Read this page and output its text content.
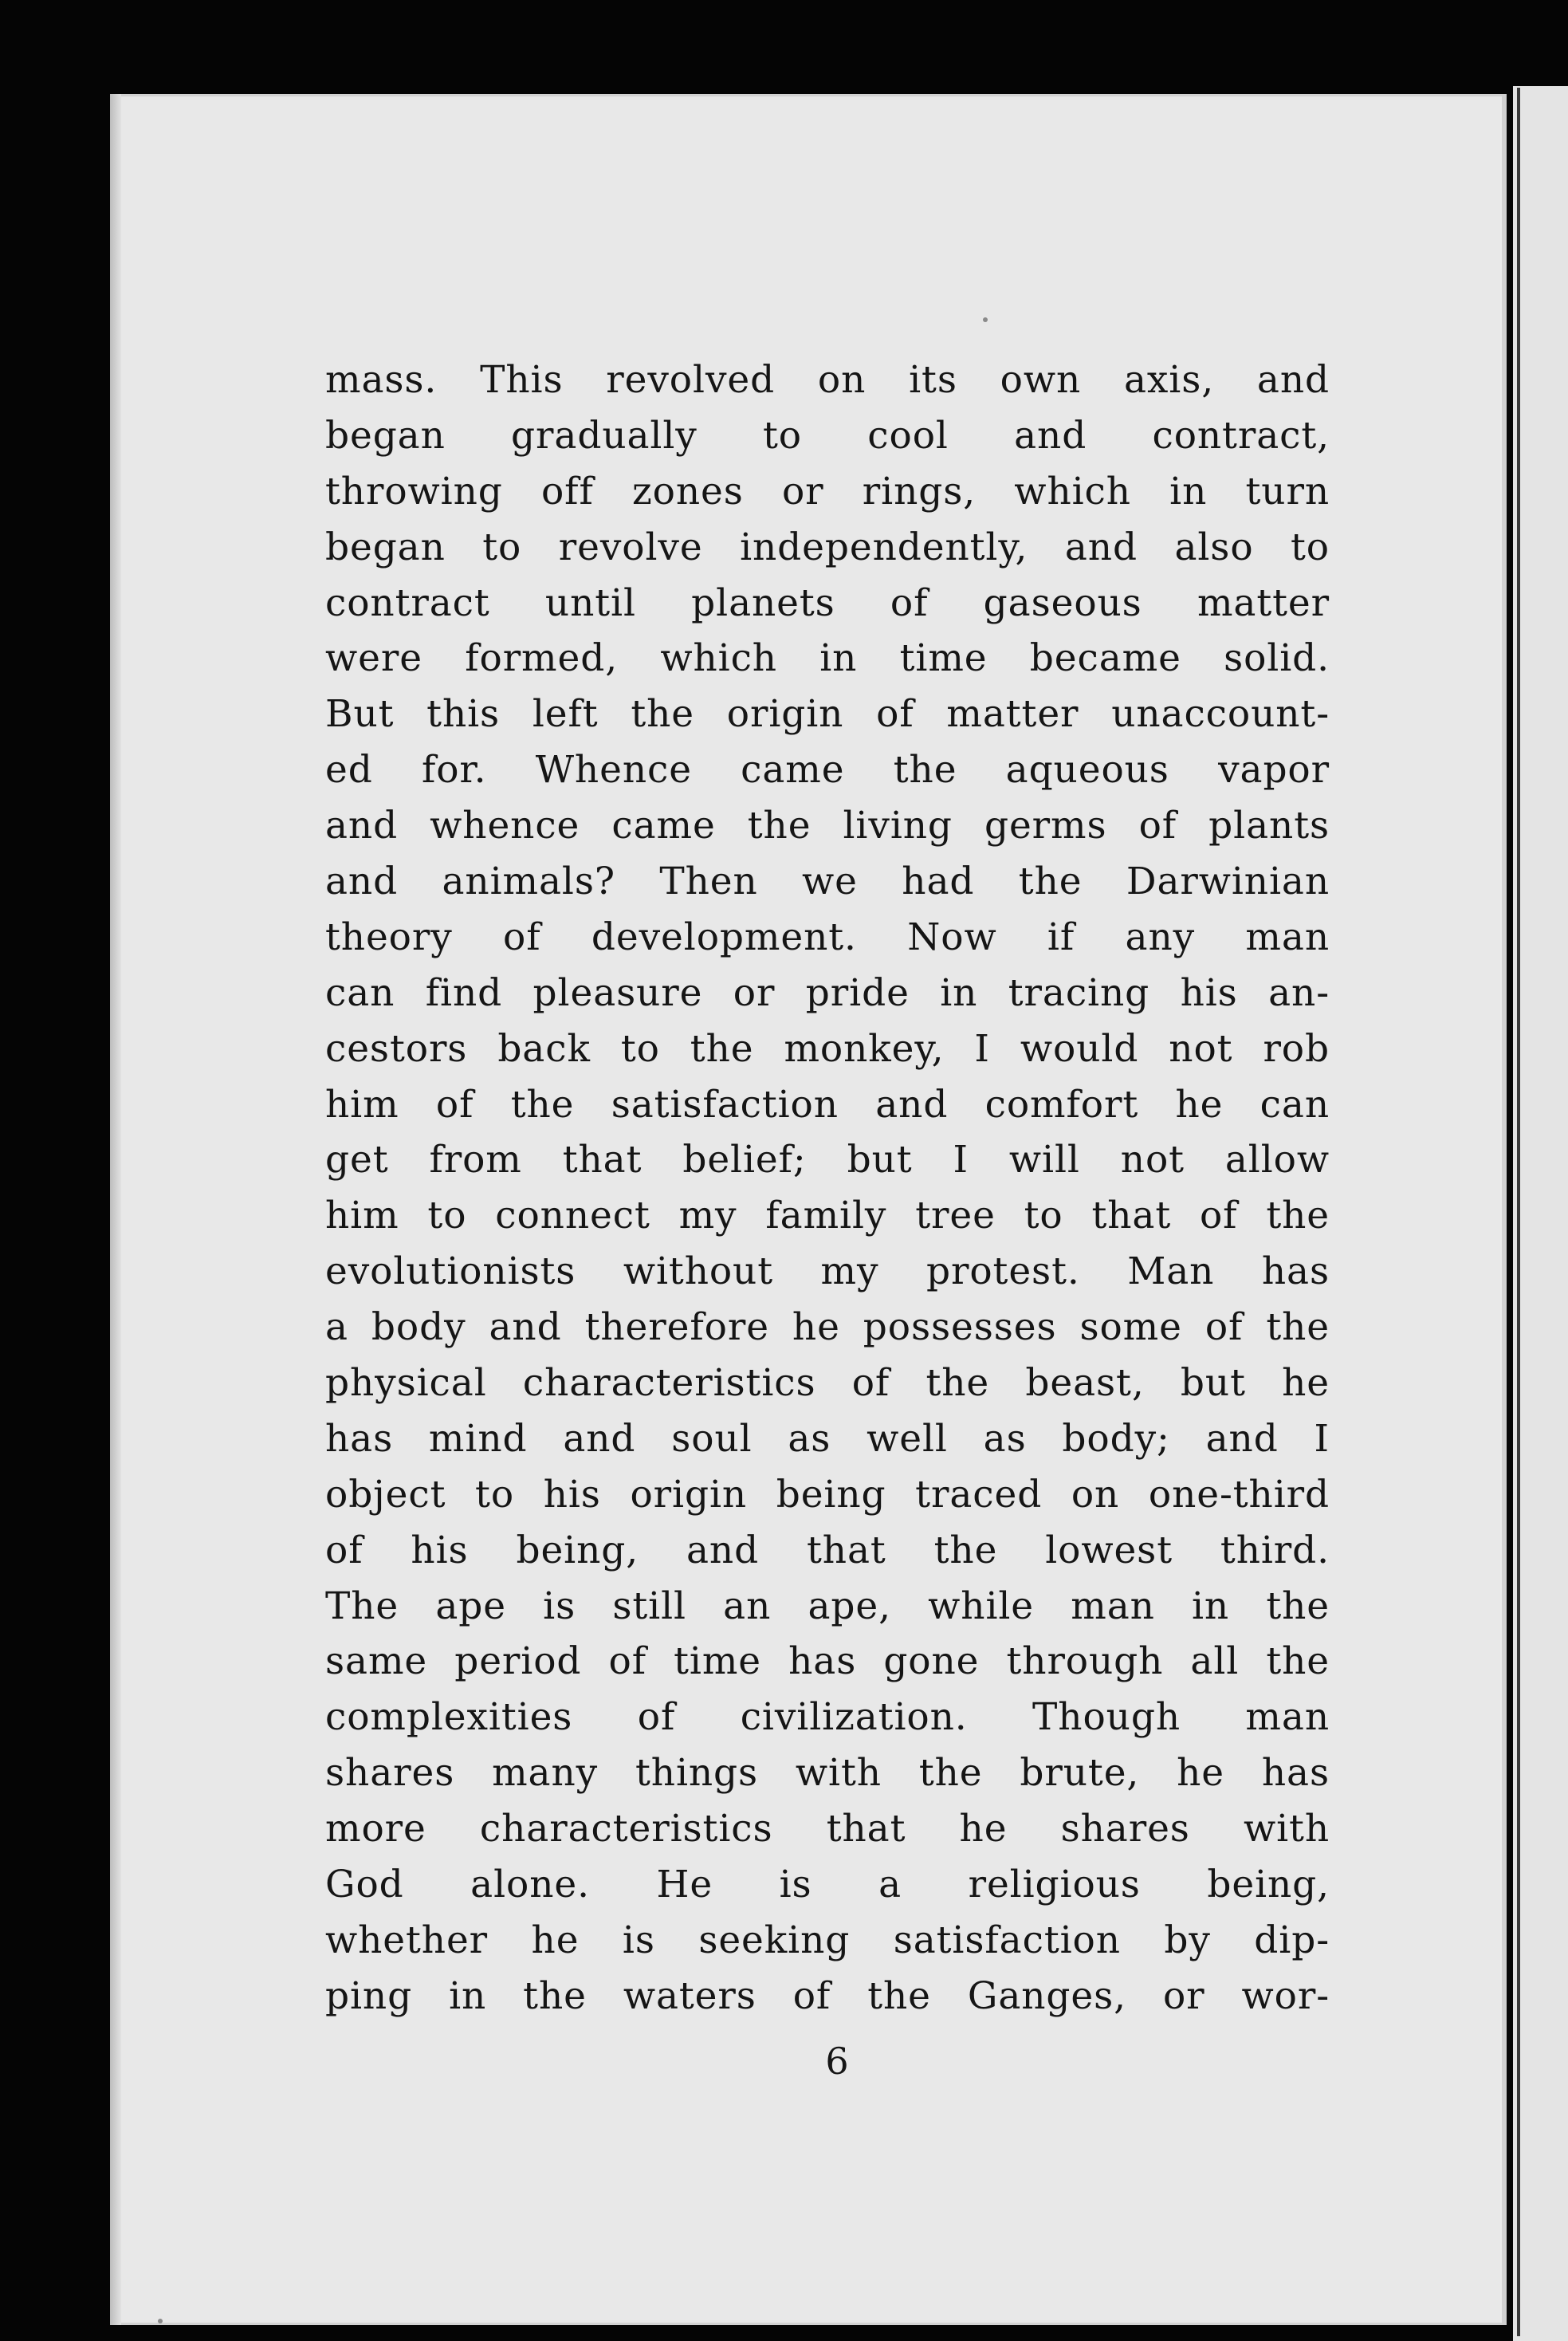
mass. This revolved on its own axis, and
began gradually to cool and contract,
throwing off zones or rings, which in turn
began to revolve independently, and also to
contract until planets of gaseous matter
were formed, which in time became solid.
But this left the origin of matter unaccount-
ed for. Whence came the aqueous vapor
and whence came the living germs of plants
and animals? Then we had the Darwinian
theory of development. Now if any man
can find pleasure or pride in tracing his an-
cestors back to the monkey, I would not rob
him of the satisfaction and comfort he can
get from that belief; but I will not allow
him to connect my family tree to that of the
evolutionists without my protest. Man has
a body and therefore he possesses some of the
physical characteristics of the beast, but he
has mind and soul as well as body; and I
object to his origin being traced on one-third
of his being, and that the lowest third.
The ape is still an ape, while man in the
same period of time has gone through all the
complexities of civilization. Though man
shares many things with the brute, he has
more characteristics that he shares with
God alone. He is a religious being,
whether he is seeking satisfaction by dip-
ping in the waters of the Ganges, or wor-
6
